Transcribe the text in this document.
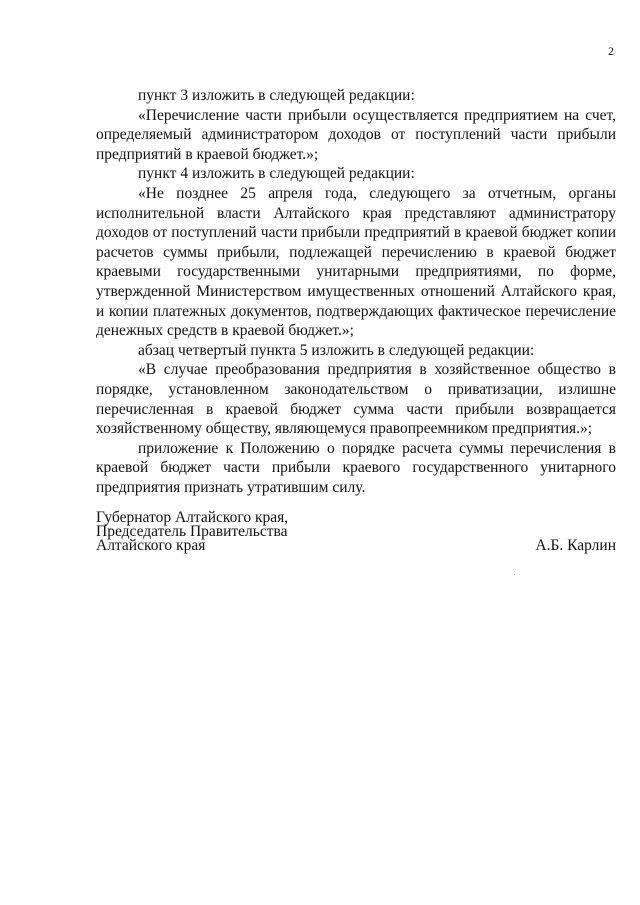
2

пункт 3 изложить в следующей редакции:

«Перечисление части прибыли осуществляется предприятием на счет, определяемый администратором доходов от поступлений части прибыли предприятий в краевой бюджет.»;

пункт 4 изложить в следующей редакции:

«Не позднее 25 апреля года, следующего за отчетным, органы исполнительной власти Алтайского края представляют администратору доходов от поступлений части прибыли предприятий в краевой бюджет копии расчетов суммы прибыли, подлежащей перечислению в краевой бюджет краевыми государственными унитарными предприятиями, по форме, утвержденной Министерством имущественных отношений Алтайского края, и копии платежных документов, подтверждающих фактическое перечисление денежных средств в краевой бюджет.»;

абзац четвертый пункта 5 изложить в следующей редакции:

«В случае преобразования предприятия в хозяйственное общество в порядке, установленном законодательством о приватизации, излишне перечисленная в краевой бюджет сумма части прибыли возвращается хозяйственному обществу, являющемуся правопреемником предприятия.»;

приложение к Положению о порядке расчета суммы перечисления в краевой бюджет части прибыли краевого государственного унитарного предприятия признать утратившим силу.

Губернатор Алтайского края,
Председатель Правительства
Алтайского края	А.Б. Карлин
